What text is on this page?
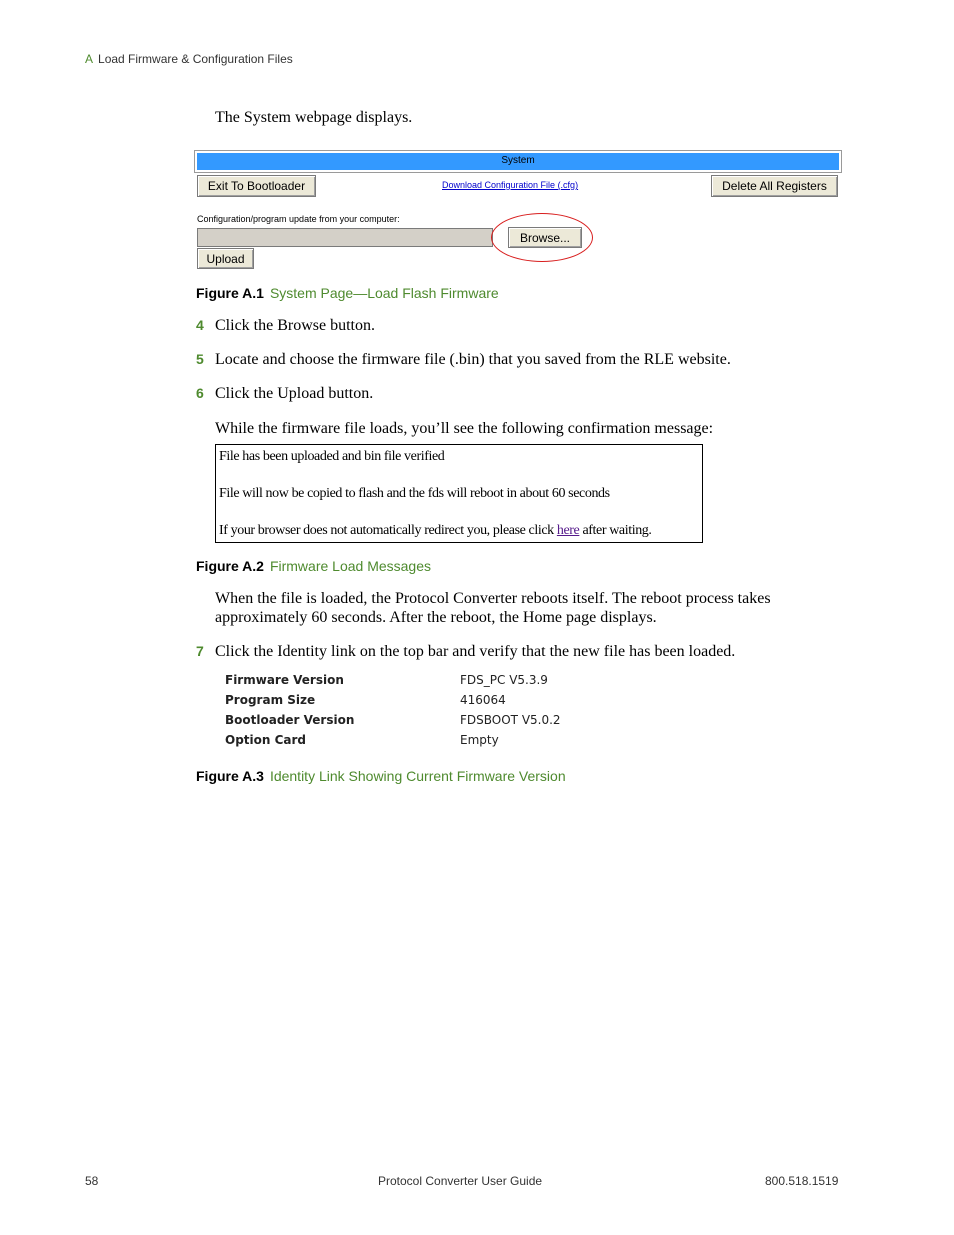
A Load Firmware & Configuration Files
The System webpage displays.
System
Exit To Bootloader	Download Configuration File (.cfg)	Delete All Registers
Configuration/program update from your computer:
Browse...
Upload
Figure A.1 System Page—Load Flash Firmware
4 Click the Browse button.
5 Locate and choose the firmware file (.bin) that you saved from the RLE website.
6 Click the Upload button.
While the firmware file loads, you’ll see the following confirmation message:
File has been uploaded and bin file verified
File will now be copied to flash and the fds will reboot in about 60 seconds
If your browser does not automatically redirect you, please click here after waiting.
Figure A.2 Firmware Load Messages
When the file is loaded, the Protocol Converter reboots itself. The reboot process takes
approximately 60 seconds. After the reboot, the Home page displays.
7 Click the Identity link on the top bar and verify that the new file has been loaded.
Firmware Version	FDS_PC V5.3.9
Program Size	416064
Bootloader Version	FDSBOOT V5.0.2
Option Card	Empty
Figure A.3 Identity Link Showing Current Firmware Version
58	Protocol Converter User Guide	800.518.1519
